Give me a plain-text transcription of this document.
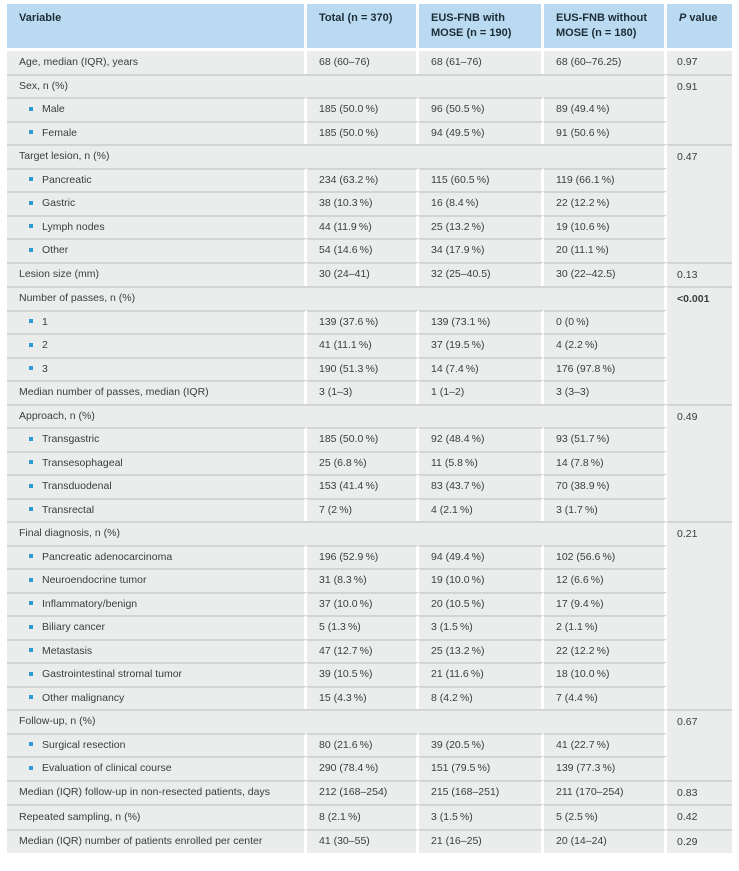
Variable	Total (n = 370)	EUS-FNB with MOSE (n = 190)	EUS-FNB without MOSE (n = 180)	P value
Age, median (IQR), years	68 (60–76)	68 (61–76)	68 (60–76.25)	0.97
Sex, n (%)				0.91
Male	185 (50.0 %)	96 (50.5 %)	89 (49.4 %)	
Female	185 (50.0 %)	94 (49.5 %)	91 (50.6 %)	
Target lesion, n (%)				0.47
Pancreatic	234 (63.2 %)	115 (60.5 %)	119 (66.1 %)	
Gastric	38 (10.3 %)	16 (8.4 %)	22 (12.2 %)	
Lymph nodes	44 (11.9 %)	25 (13.2 %)	19 (10.6 %)	
Other	54 (14.6 %)	34 (17.9 %)	20 (11.1 %)	
Lesion size (mm)	30 (24–41)	32 (25–40.5)	30 (22–42.5)	0.13
Number of passes, n (%)				<0.001
1	139 (37.6 %)	139 (73.1 %)	0 (0 %)	
2	41 (11.1 %)	37 (19.5 %)	4 (2.2 %)	
3	190 (51.3 %)	14 (7.4 %)	176 (97.8 %)	
Median number of passes, median (IQR)	3 (1–3)	1 (1–2)	3 (3–3)	
Approach, n (%)				0.49
Transgastric	185 (50.0 %)	92 (48.4 %)	93 (51.7 %)	
Transesophageal	25 (6.8 %)	11 (5.8 %)	14 (7.8 %)	
Transduodenal	153 (41.4 %)	83 (43.7 %)	70 (38.9 %)	
Transrectal	7 (2 %)	4 (2.1 %)	3 (1.7 %)	
Final diagnosis, n (%)				0.21
Pancreatic adenocarcinoma	196 (52.9 %)	94 (49.4 %)	102 (56.6 %)	
Neuroendocrine tumor	31 (8.3 %)	19 (10.0 %)	12 (6.6 %)	
Inflammatory/benign	37 (10.0 %)	20 (10.5 %)	17 (9.4 %)	
Biliary cancer	5 (1.3 %)	3 (1.5 %)	2 (1.1 %)	
Metastasis	47 (12.7 %)	25 (13.2 %)	22 (12.2 %)	
Gastrointestinal stromal tumor	39 (10.5 %)	21 (11.6 %)	18 (10.0 %)	
Other malignancy	15 (4.3 %)	8 (4.2 %)	7 (4.4 %)	
Follow-up, n (%)				0.67
Surgical resection	80 (21.6 %)	39 (20.5 %)	41 (22.7 %)	
Evaluation of clinical course	290 (78.4 %)	151 (79.5 %)	139 (77.3 %)	
Median (IQR) follow-up in non-resected patients, days	212 (168–254)	215 (168–251)	211 (170–254)	0.83
Repeated sampling, n (%)	8 (2.1 %)	3 (1.5 %)	5 (2.5 %)	0.42
Median (IQR) number of patients enrolled per center	41 (30–55)	21 (16–25)	20 (14–24)	0.29
